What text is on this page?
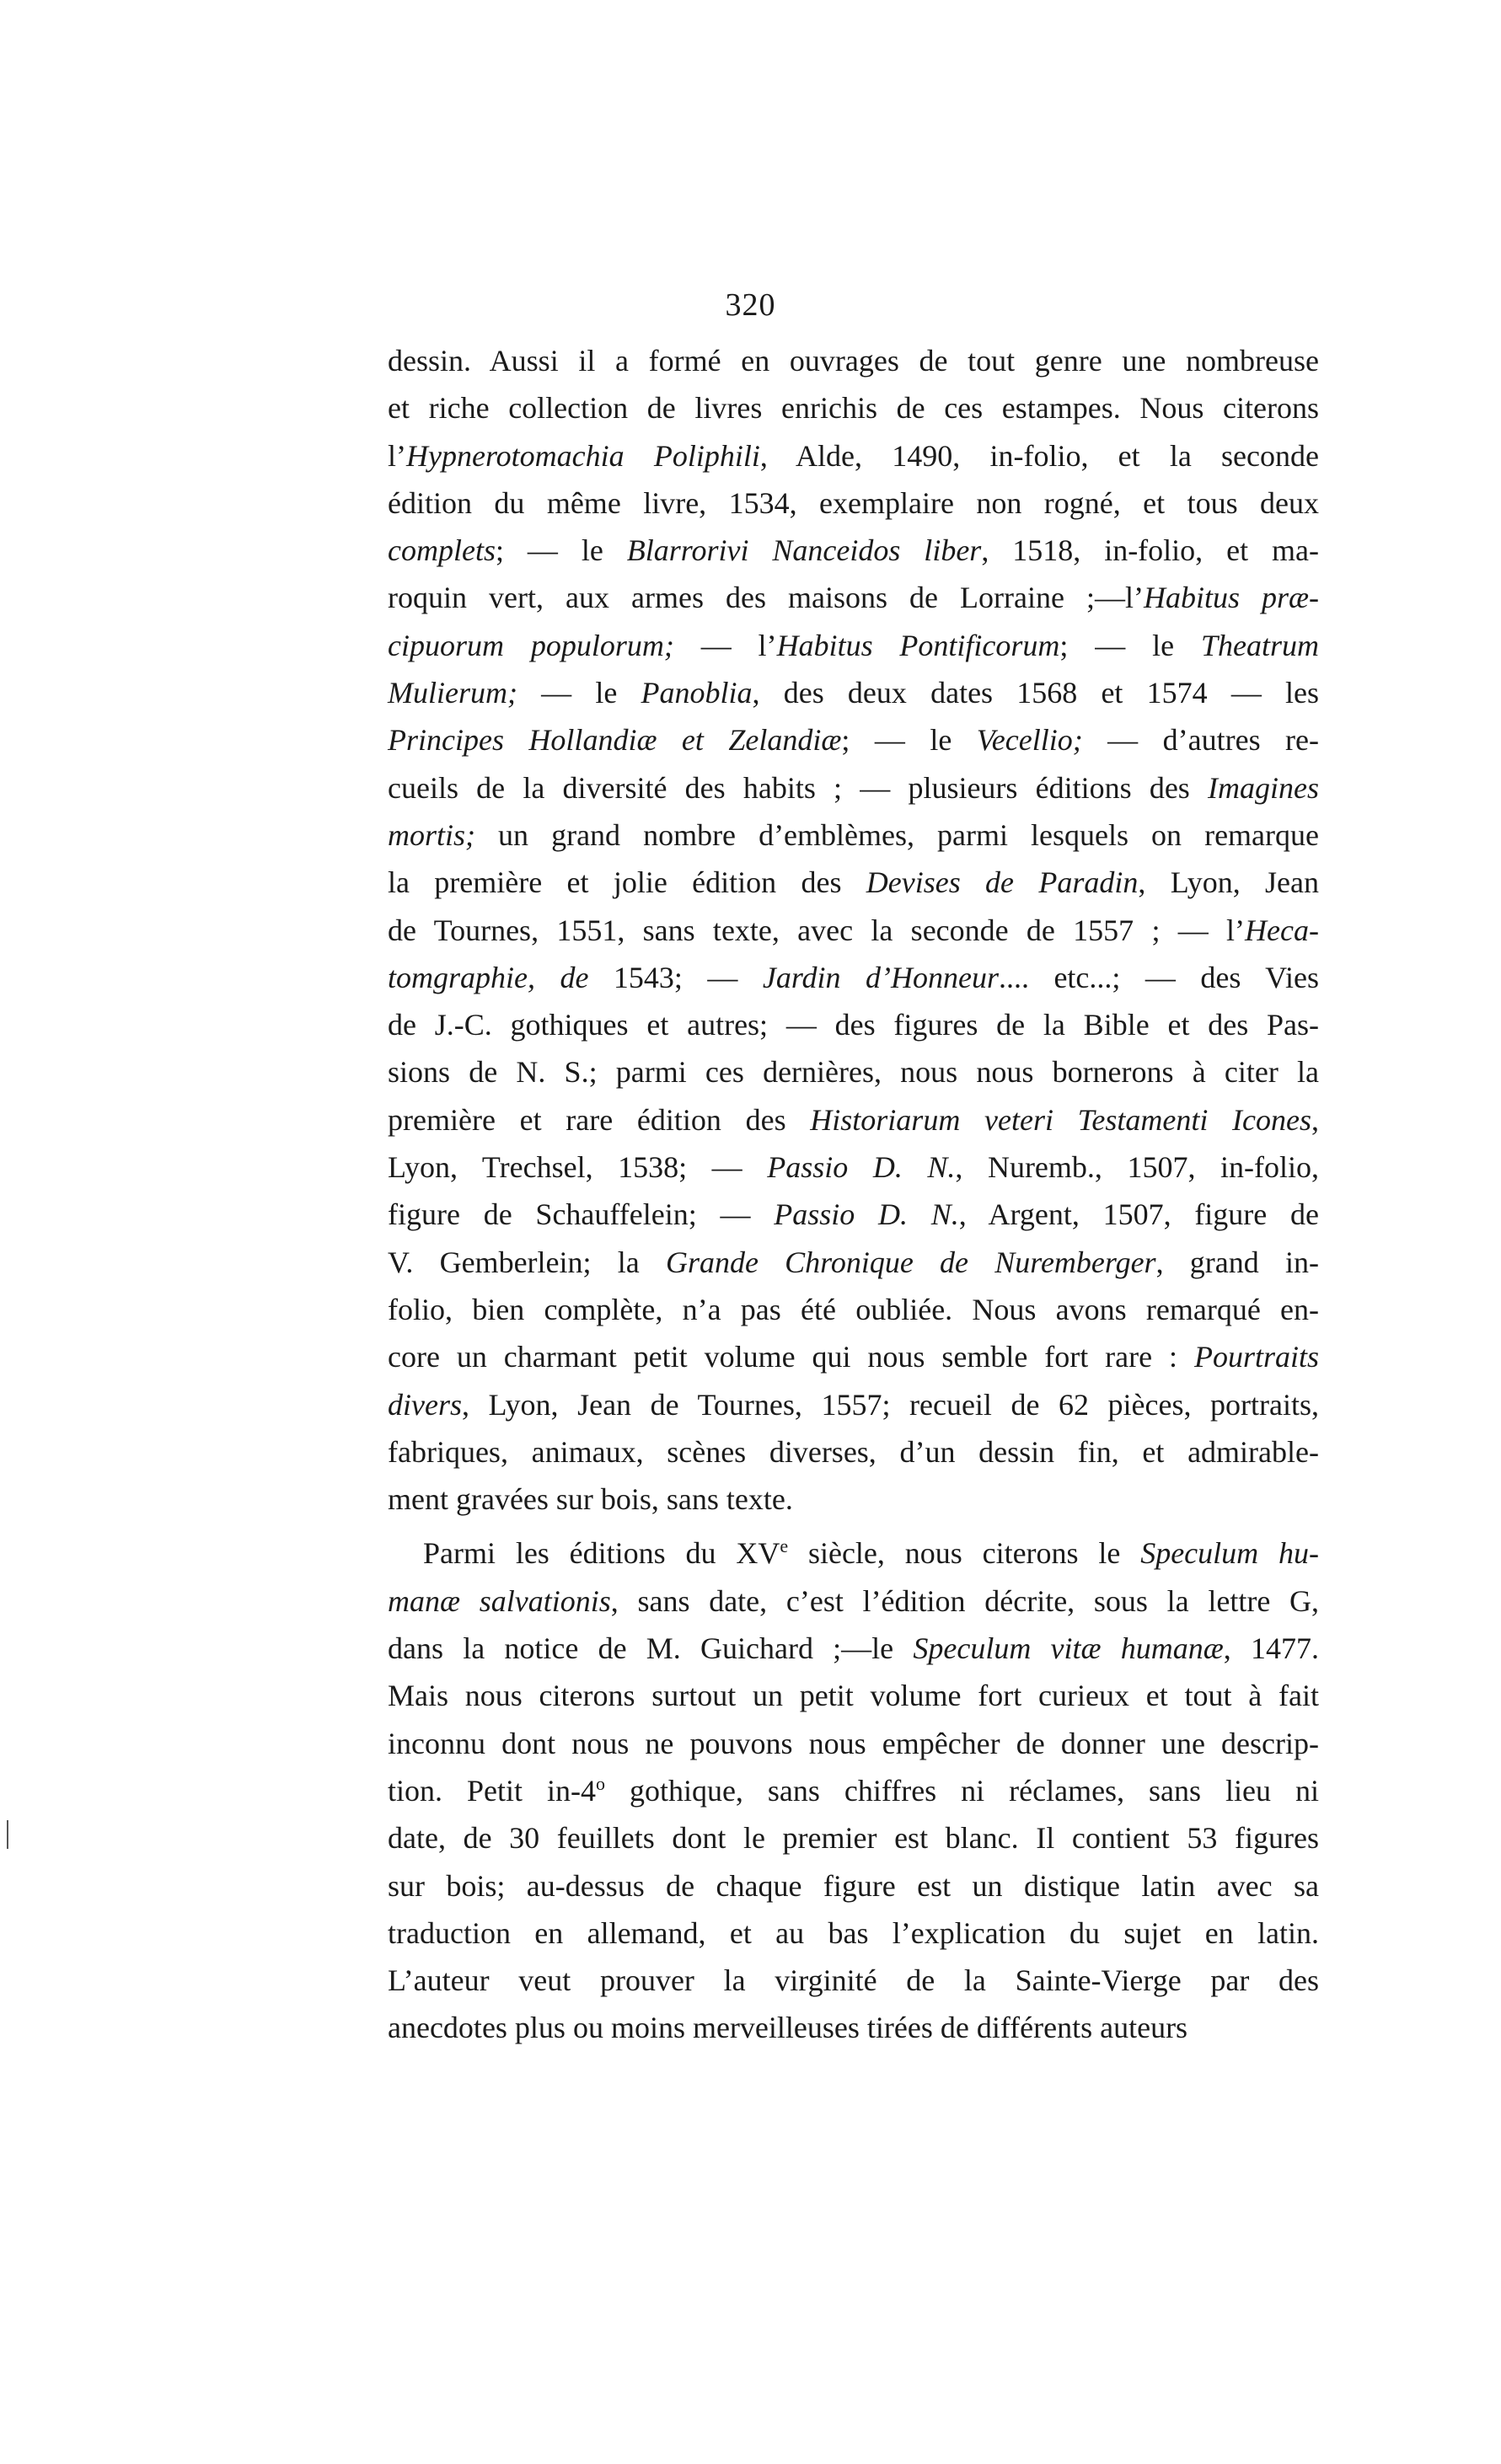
320
dessin. Aussi il a formé en ouvrages de tout genre une nombreuse
et riche collection de livres enrichis de ces estampes. Nous citerons
l’Hypnerotomachia Poliphili, Alde, 1490, in-folio, et la seconde
édition du même livre, 1534, exemplaire non rogné, et tous deux
complets; — le Blarrorivi Nanceidos liber, 1518, in-folio, et ma-
roquin vert, aux armes des maisons de Lorraine ;—l’Habitus præ-
cipuorum populorum; — l’Habitus Pontificorum; — le Theatrum
Mulierum; — le Panoblia, des deux dates 1568 et 1574 — les
Principes Hollandiæ et Zelandiæ; — le Vecellio; — d’autres re-
cueils de la diversité des habits ; — plusieurs éditions des Imagines
mortis; un grand nombre d’emblèmes, parmi lesquels on remarque
la première et jolie édition des Devises de Paradin, Lyon, Jean
de Tournes, 1551, sans texte, avec la seconde de 1557 ; — l’Heca-
tomgraphie, de 1543; — Jardin d’Honneur.... etc...; — des Vies
de J.-C. gothiques et autres; — des figures de la Bible et des Pas-
sions de N. S.; parmi ces dernières, nous nous bornerons à citer la
première et rare édition des Historiarum veteri Testamenti Icones,
Lyon, Trechsel, 1538; — Passio D. N., Nuremb., 1507, in-folio,
figure de Schauffelein; — Passio D. N., Argent, 1507, figure de
V. Gemberlein; la Grande Chronique de Nuremberger, grand in-
folio, bien complète, n’a pas été oubliée. Nous avons remarqué en-
core un charmant petit volume qui nous semble fort rare : Pourtraits
divers, Lyon, Jean de Tournes, 1557; recueil de 62 pièces, portraits,
fabriques, animaux, scènes diverses, d’un dessin fin, et admirable-
ment gravées sur bois, sans texte.
Parmi les éditions du XVe siècle, nous citerons le Speculum hu-
manæ salvationis, sans date, c’est l’édition décrite, sous la lettre G,
dans la notice de M. Guichard ;—le Speculum vitæ humanæ, 1477.
Mais nous citerons surtout un petit volume fort curieux et tout à fait
inconnu dont nous ne pouvons nous empêcher de donner une descrip-
tion. Petit in-4$^o$ gothique, sans chiffres ni réclames, sans lieu ni
date, de 30 feuillets dont le premier est blanc. Il contient 53 figures
sur bois; au-dessus de chaque figure est un distique latin avec sa
traduction en allemand, et au bas l’explication du sujet en latin.
L’auteur veut prouver la virginité de la Sainte-Vierge par des
anecdotes plus ou moins merveilleuses tirées de différents auteurs
